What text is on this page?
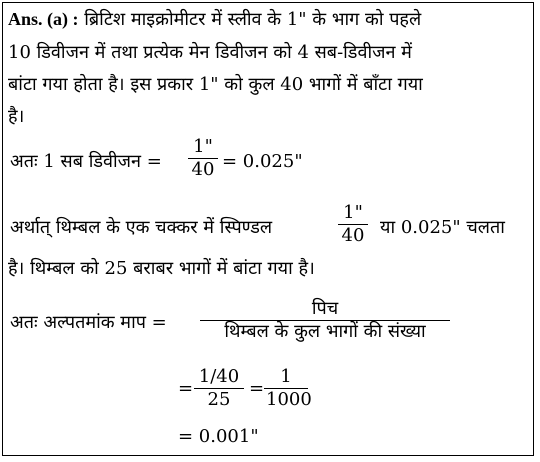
Ans. (a) : ब्रिटिश माइक्रोमीटर में स्लीव के 1" के भाग को पहले
10 डिवीजन में तथा प्रत्येक मेन डिवीजन को 4 सब-डिवीजन में
बांटा गया होता है। इस प्रकार 1" को कुल 40 भागों में बाँटा गया
है।
अतः 1 सब डिवीजन =
1"
40 = 0.025"
अर्थात् थिम्बल के एक चक्कर में स्पिण्डल
1"
40 या 0.025" चलता
है। थिम्बल को 25 बराबर भागों में बांटा गया है।
अतः अल्पतमांक माप =
पिच
थिम्बल के कुल भागों की संख्या
=
1/40
25
=
1
1000
= 0.001"
